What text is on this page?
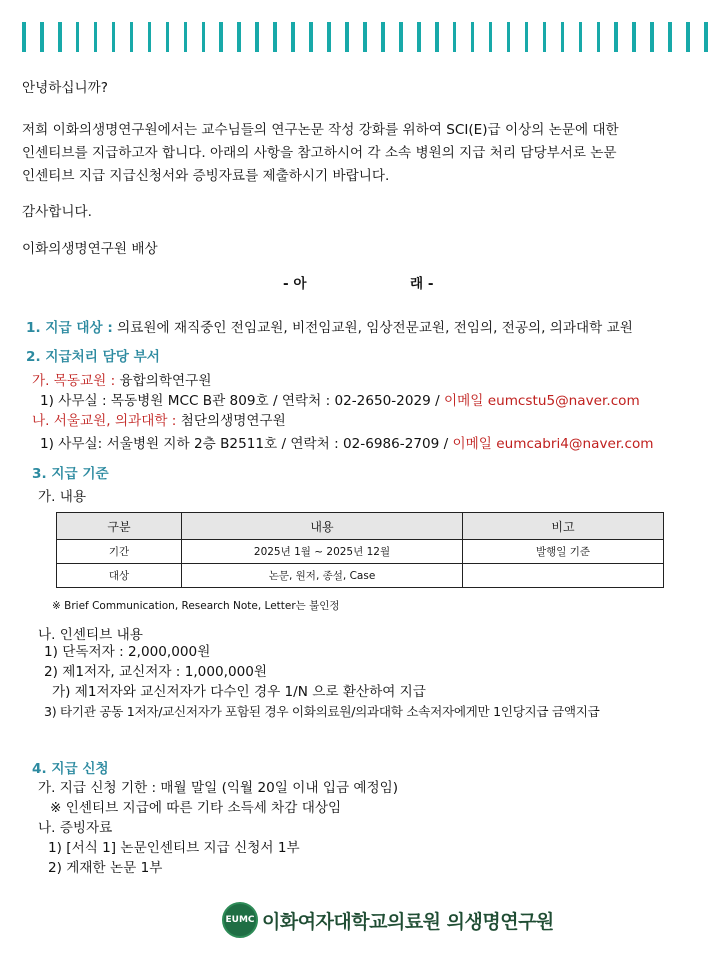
안녕하십니까?
저희 이화의생명연구원에서는 교수님들의 연구논문 작성 강화를 위하여 SCI(E)급 이상의 논문에 대한
인센티브를 지급하고자 합니다. 아래의 사항을 참고하시어 각 소속 병원의 지급 처리 담당부서로 논문
인센티브 지급 지급신청서와 증빙자료를 제출하시기 바랍니다.
감사합니다.
이화의생명연구원 배상
- 아	래 -
1. 지급 대상 : 의료원에 재직중인 전임교원, 비전임교원, 임상전문교원, 전임의, 전공의, 의과대학 교원
2. 지급처리 담당 부서
가. 목동교원 : 융합의학연구원
1) 사무실 : 목동병원 MCC B관 809호 / 연락처 : 02-2650-2029 / 이메일 eumcstu5@naver.com
나. 서울교원, 의과대학 : 첨단의생명연구원
1) 사무실: 서울병원 지하 2층 B2511호 / 연락처 : 02-6986-2709 / 이메일 eumcabri4@naver.com
3. 지급 기준
가. 내용
구분	내용	비고
기간	2025년 1월 ~ 2025년 12월	발행일 기준
대상	논문, 원저, 종설, Case	
※ Brief Communication, Research Note, Letter는 불인정
나. 인센티브 내용
1) 단독저자 : 2,000,000원
2) 제1저자, 교신저자 : 1,000,000원
가) 제1저자와 교신저자가 다수인 경우 1/N 으로 환산하여 지급
3) 타기관 공동 1저자/교신저자가 포함된 경우 이화의료원/의과대학 소속저자에게만 1인당지급 금액지급
4. 지급 신청
가. 지급 신청 기한 : 매월 말일 (익월 20일 이내 입금 예정임)
※ 인센티브 지급에 따른 기타 소득세 차감 대상임
나. 증빙자료
1) [서식 1] 논문인센티브 지급 신청서 1부
2) 게재한 논문 1부
EUMC 이화여자대학교의료원 의생명연구원
